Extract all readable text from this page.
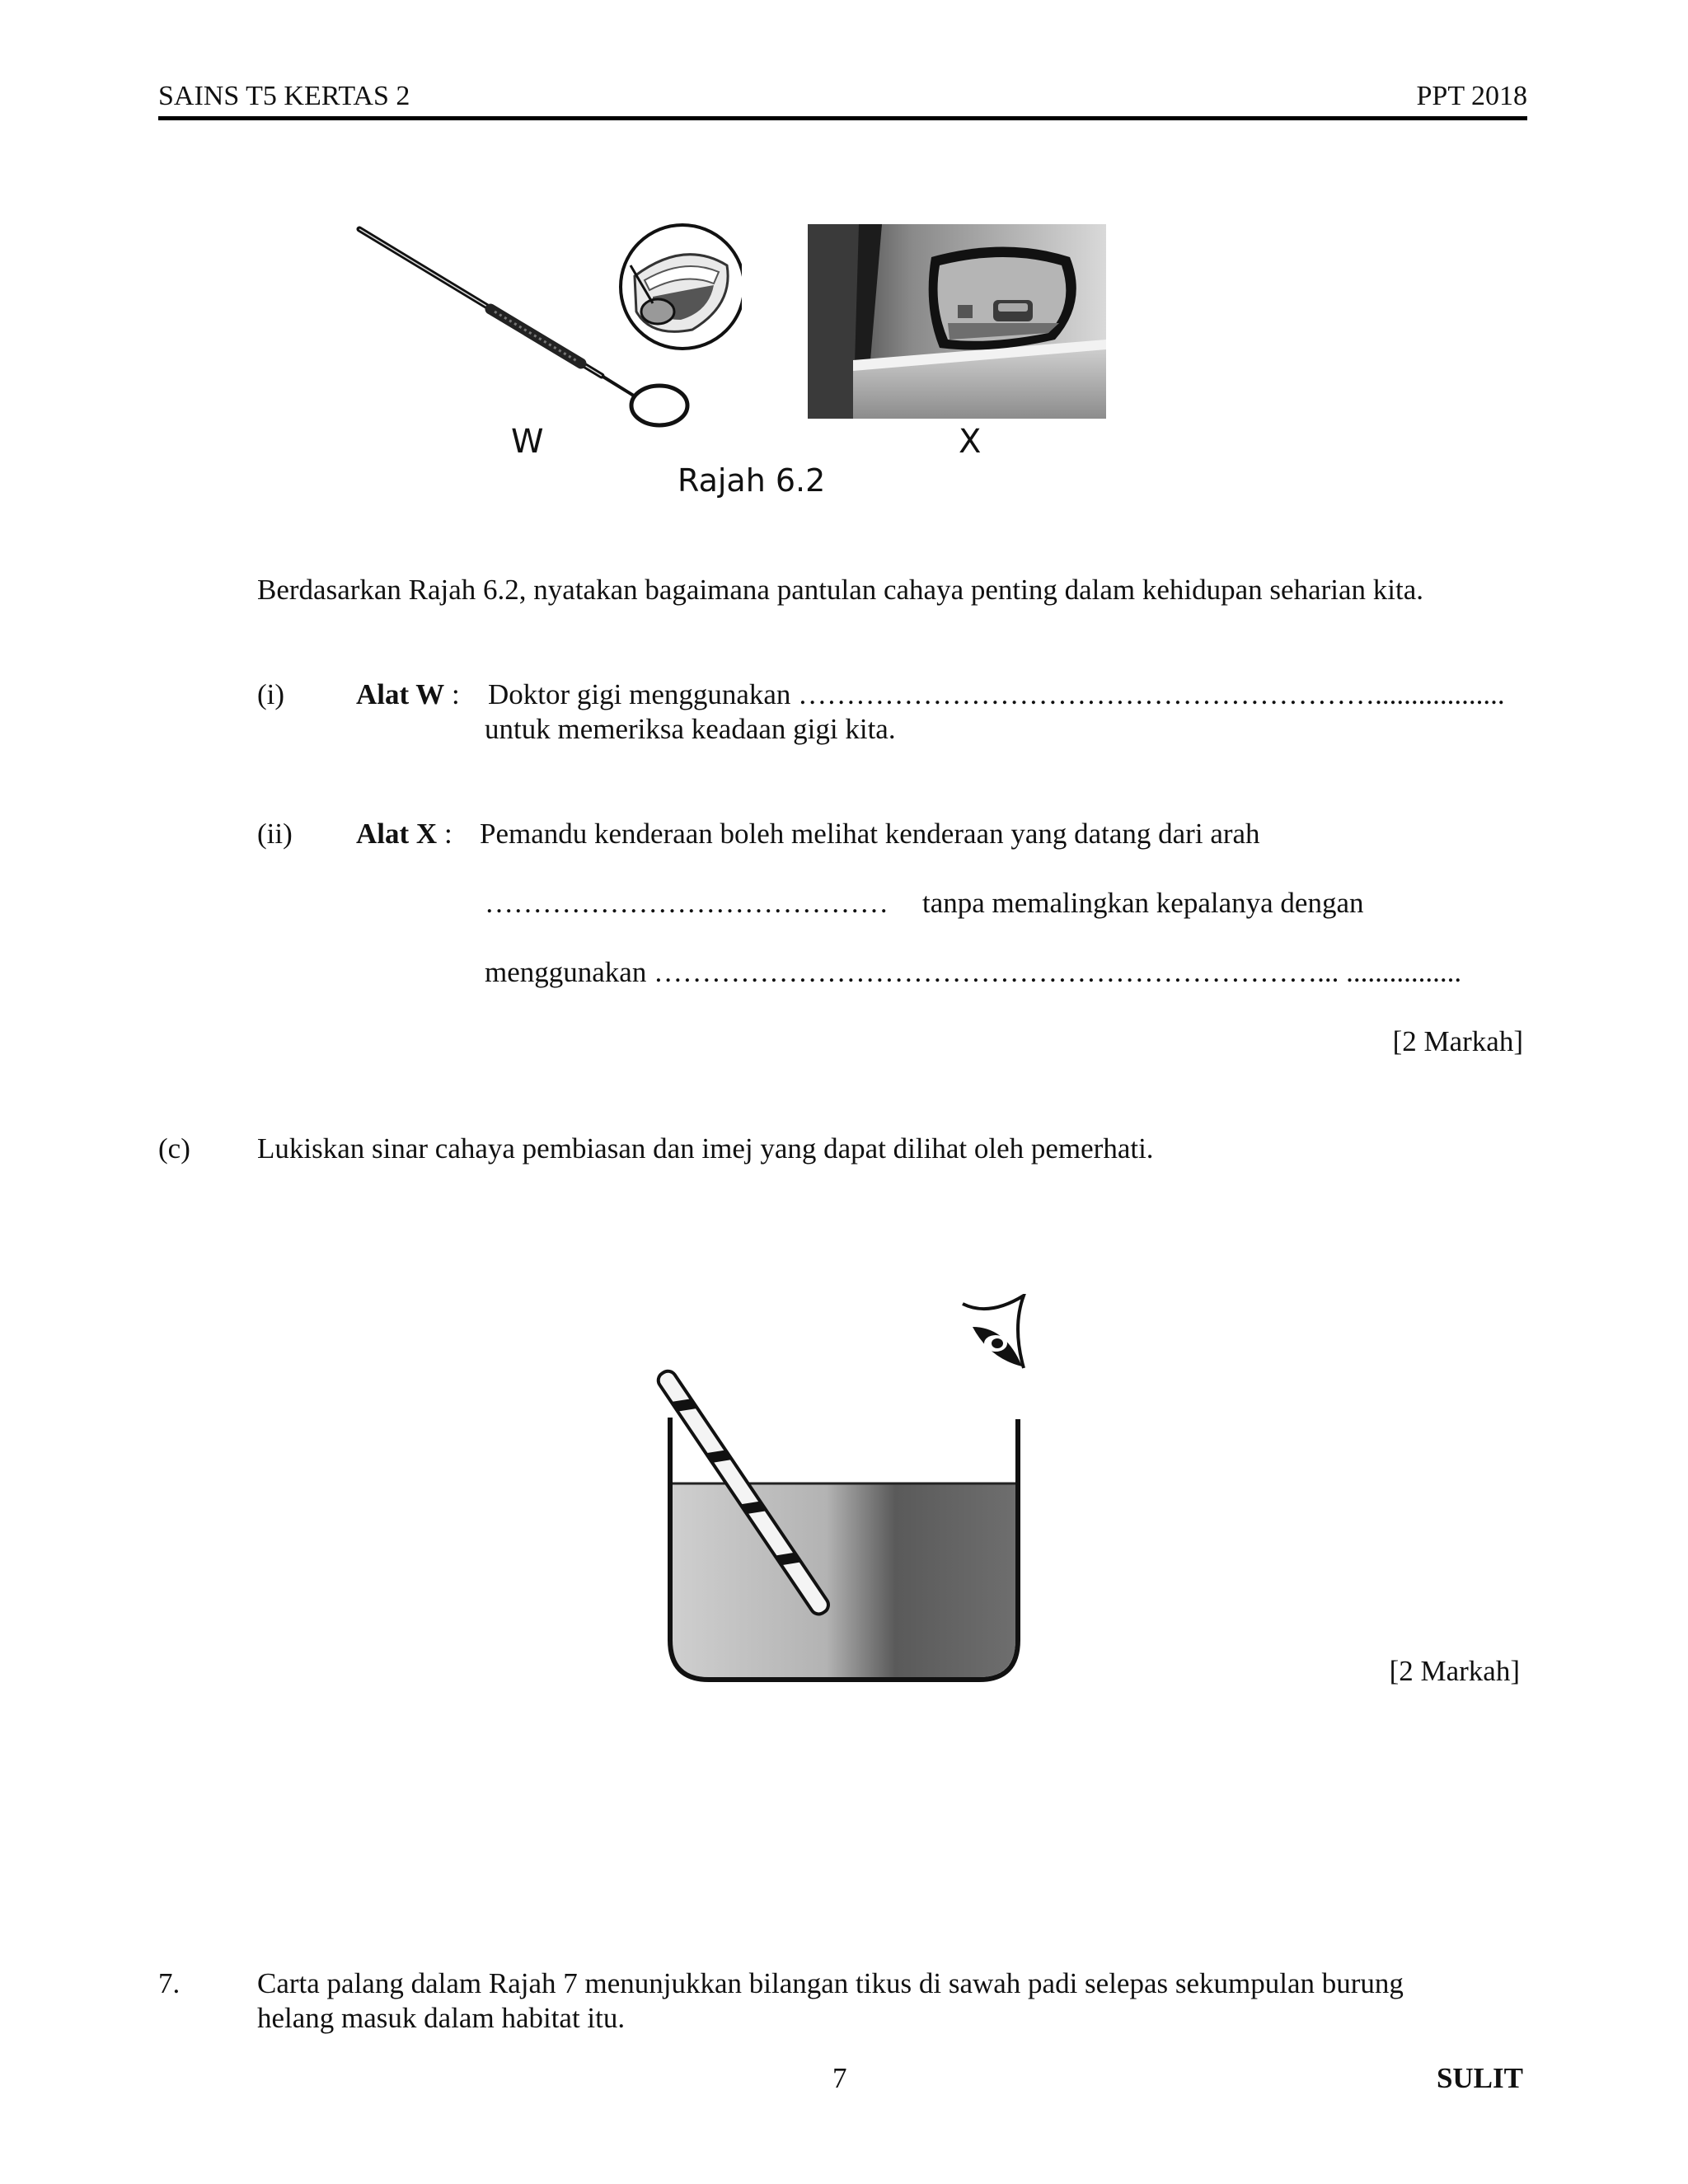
SAINS T5 KERTAS 2	PPT 2018
W	X
Rajah 6.2
Berdasarkan Rajah 6.2, nyatakan bagaimana pantulan cahaya penting dalam kehidupan seharian kita.
(i) Alat W : Doktor gigi menggunakan ……………………………………………………..................
untuk memeriksa keadaan gigi kita.
(ii) Alat X : Pemandu kenderaan boleh melihat kenderaan yang datang dari arah
…………………………………… tanpa memalingkan kepalanya dengan
menggunakan ……………………………………………………………... ................
[2 Markah]
(c) Lukiskan sinar cahaya pembiasan dan imej yang dapat dilihat oleh pemerhati.
[2 Markah]
7.	Carta palang dalam Rajah 7 menunjukkan bilangan tikus di sawah padi selepas sekumpulan burung
helang masuk dalam habitat itu.
7	SULIT
